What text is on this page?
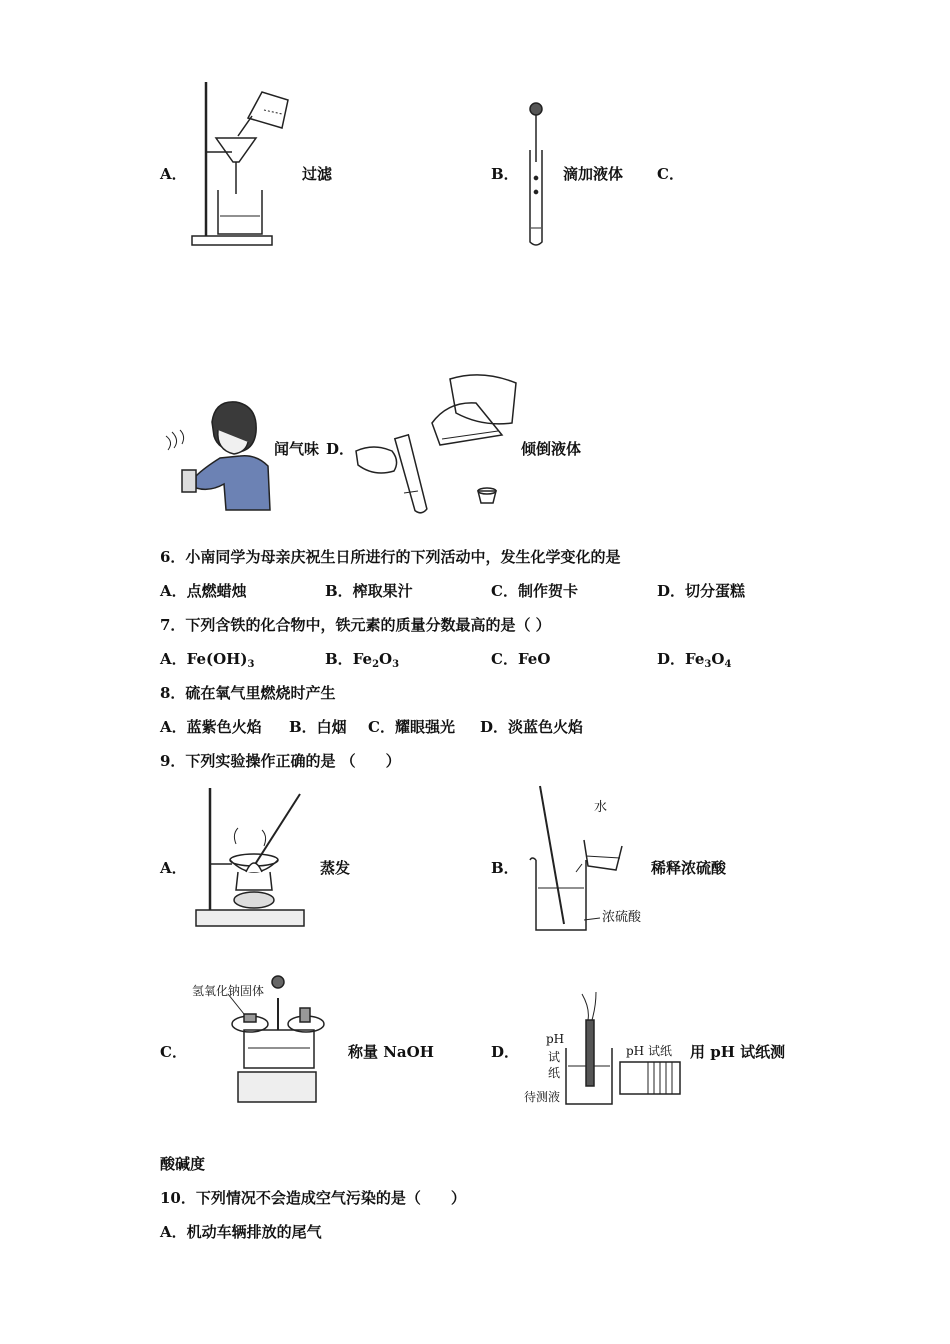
A．	过滤	B．	滴加液体 C．
闻气味 D．	倾倒液体
6．小南同学为母亲庆祝生日所进行的下列活动中，发生化学变化的是
A．点燃蜡烛	B．榨取果汁	C．制作贺卡	D．切分蛋糕
7．下列含铁的化合物中，铁元素的质量分数最高的是（ ）
A．$Fe(OH)_3$	B．$Fe_2O_3$	C．FeO	D．$Fe_3O_4$
8．硫在氧气里燃烧时产生
A．蓝紫色火焰 B．白烟 C．耀眼强光 D．淡蓝色火焰
9．下列实验操作正确的是 （　　）
A．	蒸发	B．
水
浓硫酸
稀释浓硫酸
C．
氢氧化钠固体
称量 NaOH	D．
pH
试
纸
待测液
pH 试纸 用 pH 试纸测
酸碱度
10．下列情况不会造成空气污染的是（　　）
A．机动车辆排放的尾气
